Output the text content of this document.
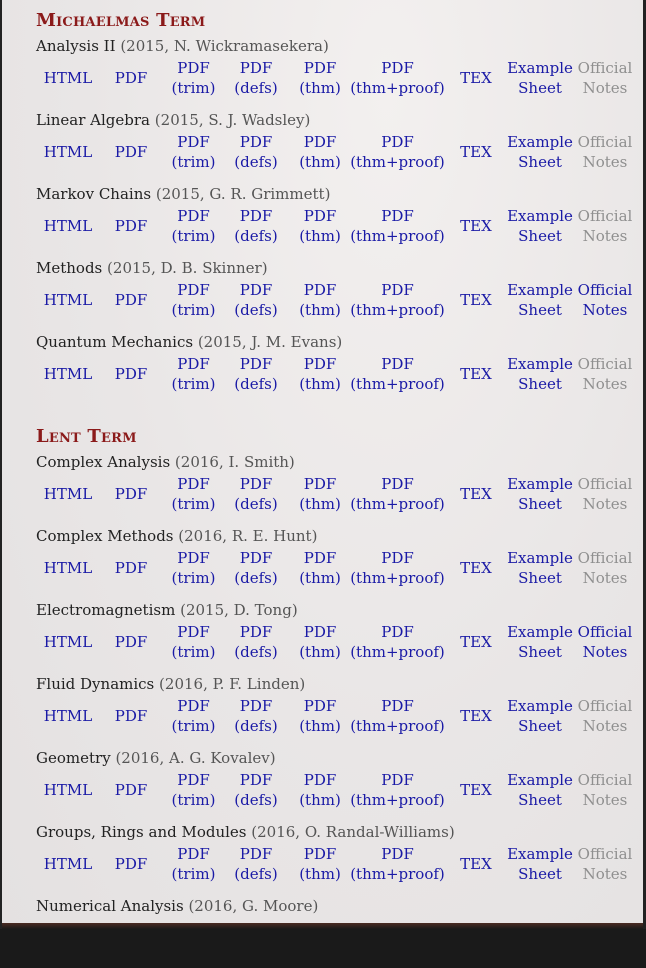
Michaelmas Term
Analysis II (2015, N. Wickramasekera)
HTML PDF
PDF
(trim)
PDF
(defs)
PDF
(thm)
PDF
(thm+proof)
TEX
Example
Sheet
Official
Notes
Linear Algebra (2015, S. J. Wadsley)
HTML PDF
PDF
(trim)
PDF
(defs)
PDF
(thm)
PDF
(thm+proof)
TEX
Example
Sheet
Official
Notes
Markov Chains (2015, G. R. Grimmett)
HTML PDF
PDF
(trim)
PDF
(defs)
PDF
(thm)
PDF
(thm+proof)
TEX
Example
Sheet
Official
Notes
Methods (2015, D. B. Skinner)
HTML PDF
PDF
(trim)
PDF
(defs)
PDF
(thm)
PDF
(thm+proof)
TEX
Example
Sheet
Official
Notes
Quantum Mechanics (2015, J. M. Evans)
HTML PDF
PDF
(trim)
PDF
(defs)
PDF
(thm)
PDF
(thm+proof)
TEX
Example
Sheet
Official
Notes
Lent Term
Complex Analysis (2016, I. Smith)
HTML PDF
PDF
(trim)
PDF
(defs)
PDF
(thm)
PDF
(thm+proof)
TEX
Example
Sheet
Official
Notes
Complex Methods (2016, R. E. Hunt)
HTML PDF
PDF
(trim)
PDF
(defs)
PDF
(thm)
PDF
(thm+proof)
TEX
Example
Sheet
Official
Notes
Electromagnetism (2015, D. Tong)
HTML PDF
PDF
(trim)
PDF
(defs)
PDF
(thm)
PDF
(thm+proof)
TEX
Example
Sheet
Official
Notes
Fluid Dynamics (2016, P. F. Linden)
HTML PDF
PDF
(trim)
PDF
(defs)
PDF
(thm)
PDF
(thm+proof)
TEX
Example
Sheet
Official
Notes
Geometry (2016, A. G. Kovalev)
HTML PDF
PDF
(trim)
PDF
(defs)
PDF
(thm)
PDF
(thm+proof)
TEX
Example
Sheet
Official
Notes
Groups, Rings and Modules (2016, O. Randal-Williams)
HTML PDF
PDF
(trim)
PDF
(defs)
PDF
(thm)
PDF
(thm+proof)
TEX
Example
Sheet
Official
Notes
Numerical Analysis (2016, G. Moore)
